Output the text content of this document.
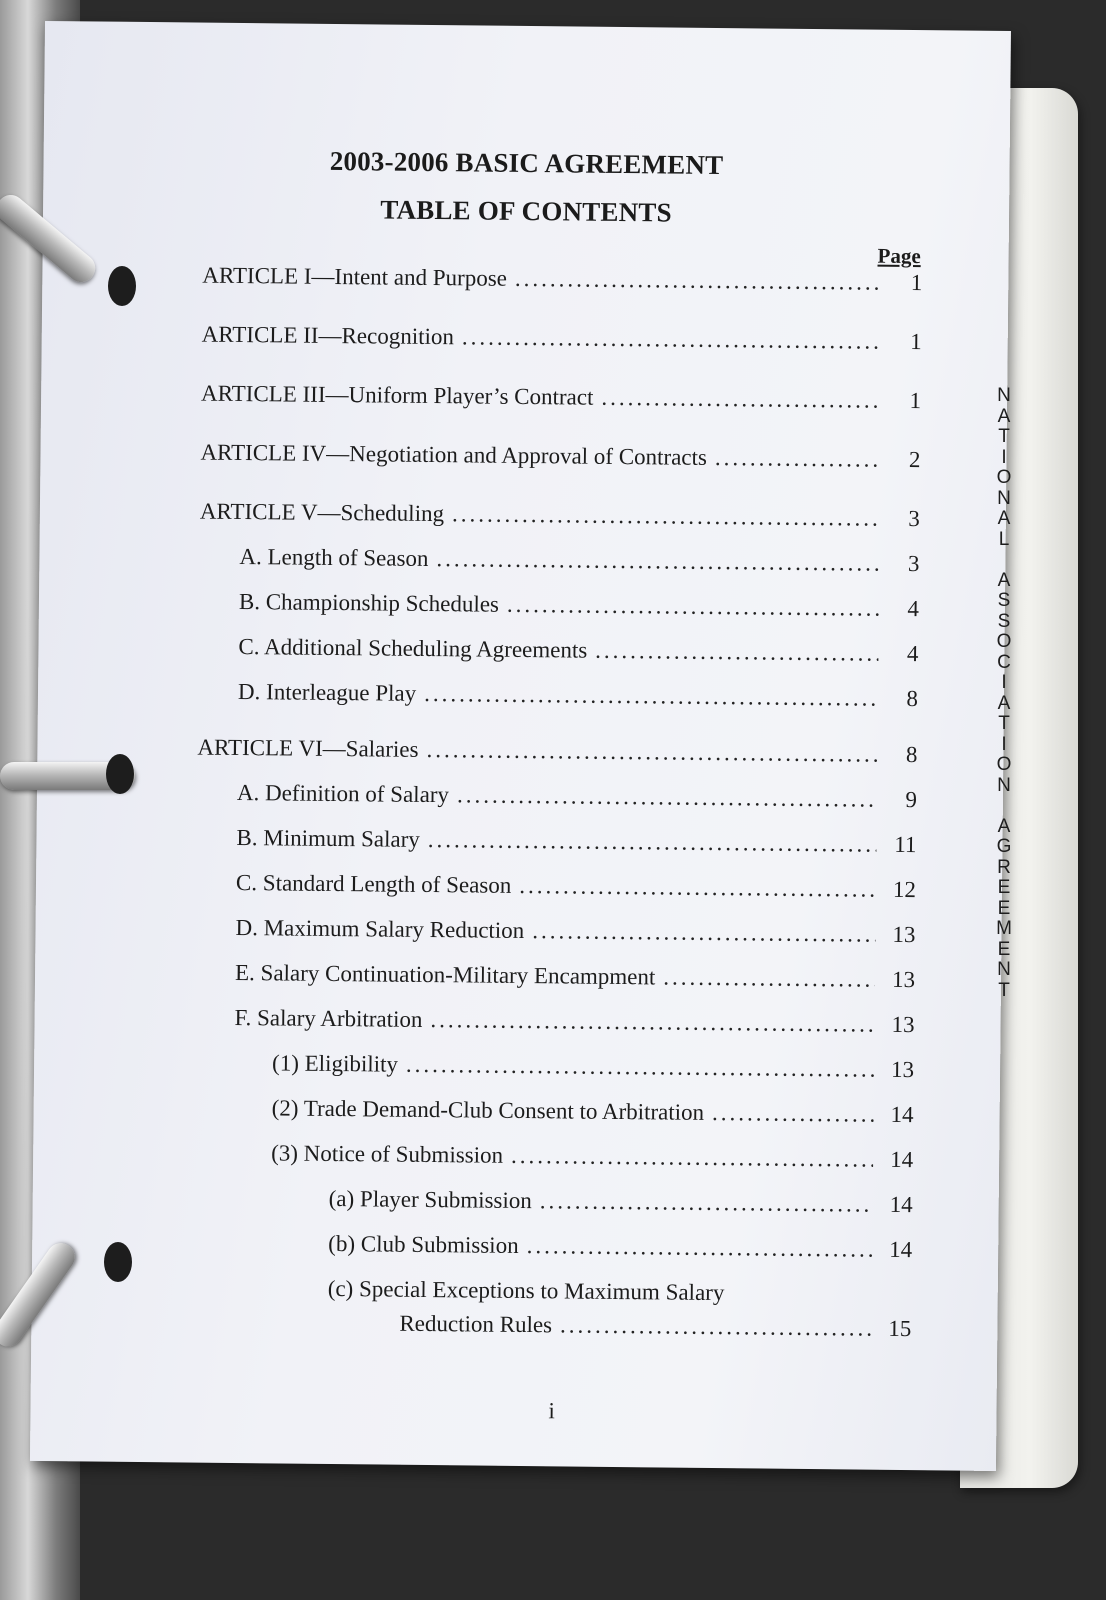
2003-2006 BASIC AGREEMENT
TABLE OF CONTENTS
Page
ARTICLE I—Intent and Purpose .....	1
ARTICLE II—Recognition .....	1
ARTICLE III—Uniform Player’s Contract .....	1
ARTICLE IV—Negotiation and Approval of Contracts .....	2
ARTICLE V—Scheduling .....	3
A. Length of Season .....	3
B. Championship Schedules .....	4
C. Additional Scheduling Agreements .....	4
D. Interleague Play .....	8
ARTICLE VI—Salaries .....	8
A. Definition of Salary .....	9
B. Minimum Salary .....	11
C. Standard Length of Season .....	12
D. Maximum Salary Reduction .....	13
E. Salary Continuation-Military Encampment .....	13
F. Salary Arbitration .....	13
(1) Eligibility .....	13
(2) Trade Demand-Club Consent to Arbitration .....	14
(3) Notice of Submission .....	14
(a) Player Submission .....	14
(b) Club Submission .....	14
(c) Special Exceptions to Maximum Salary
Reduction Rules .....	15
i
N
A
T
I
O
N
A
L

A
S
S
O
C
I
A
T
I
O
N

A
G
R
E
E
M
E
N
T
